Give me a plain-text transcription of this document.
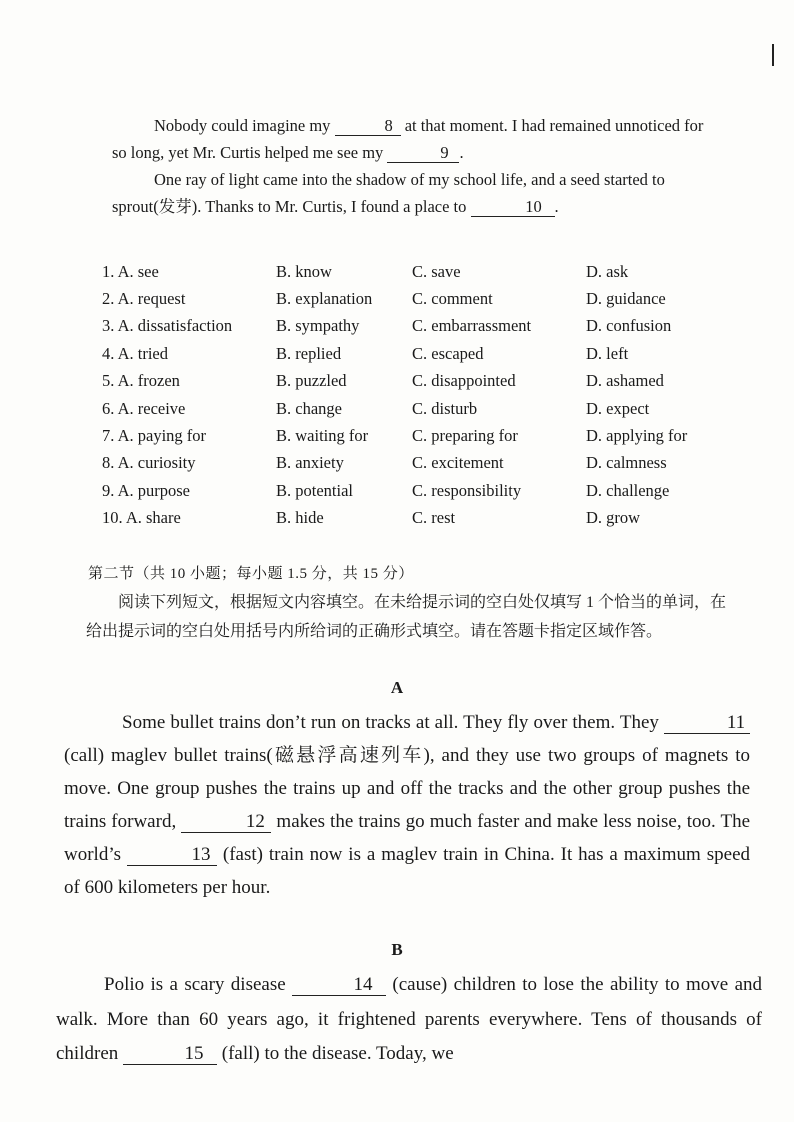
Nobody could imagine my	8 at that moment. I had remained unnoticed for so long, yet Mr. Curtis helped me see my	9 .

One ray of light came into the shadow of my school life, and a seed started to sprout(发芽). Thanks to Mr. Curtis, I found a place to	10 .

1. A. see	B. know	C. save	D. ask
2. A. request	B. explanation	C. comment	D. guidance
3. A. dissatisfaction	B. sympathy	C. embarrassment	D. confusion
4. A. tried	B. replied	C. escaped	D. left
5. A. frozen	B. puzzled	C. disappointed	D. ashamed
6. A. receive	B. change	C. disturb	D. expect
7. A. paying for	B. waiting for	C. preparing for	D. applying for
8. A. curiosity	B. anxiety	C. excitement	D. calmness
9. A. purpose	B. potential	C. responsibility	D. challenge
10. A. share	B. hide	C. rest	D. grow
第二节（共 10 小题；每小题 1.5 分，共 15 分）

阅读下列短文，根据短文内容填空。在未给提示词的空白处仅填写 1 个恰当的单词，在给出提示词的空白处用括号内所给词的正确形式填空。请在答题卡指定区域作答。

A

Some bullet trains don’t run on tracks at all. They fly over them. They	11 (call) maglev bullet trains(磁悬浮高速列车), and they use two groups of magnets to move. One group pushes the trains up and off the tracks and the other group pushes the trains forward,	12 makes the trains go much faster and make less noise, too. The world’s	13 (fast) train now is a maglev train in China. It has a maximum speed of 600 kilometers per hour.

B

Polio is a scary disease	14 (cause) children to lose the ability to move and walk. More than 60 years ago, it frightened parents everywhere. Tens of thousands of children	15 (fall) to the disease. Today, we
